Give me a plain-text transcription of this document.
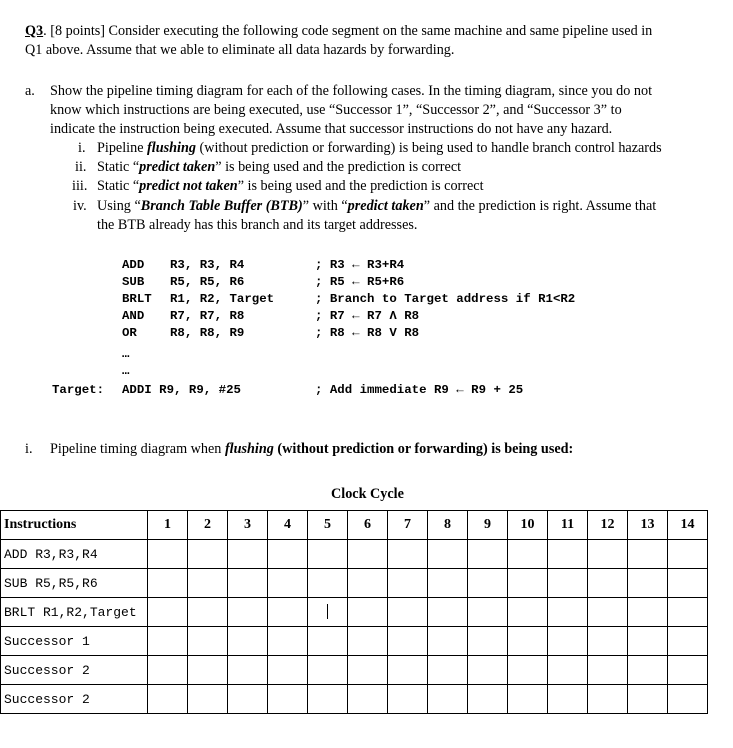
Q3. [8 points] Consider executing the following code segment on the same machine and same pipeline used in
Q1 above. Assume that we able to eliminate all data hazards by forwarding.
a. Show the pipeline timing diagram for each of the following cases. In the timing diagram, since you do not
know which instructions are being executed, use “Successor 1”, “Successor 2”, and “Successor 3” to
indicate the instruction being executed. Assume that successor instructions do not have any hazard.
i. Pipeline flushing (without prediction or forwarding) is being used to handle branch control hazards
ii. Static “predict taken” is being used and the prediction is correct
iii. Static “predict not taken” is being used and the prediction is correct
iv. Using “Branch Table Buffer (BTB)” with “predict taken” and the prediction is right. Assume that
the BTB already has this branch and its target addresses.
ADD R3, R3, R4	; R3 ← R3+R4
SUB R5, R5, R6	; R5 ← R5+R6
BRLT R1, R2, Target	; Branch to Target address if R1<R2
AND R7, R7, R8	; R7 ← R7 Λ R8
OR	R8, R8, R9	; R8 ← R8 V R8
…
…
Target: ADDI R9, R9, #25	; Add immediate R9 ← R9 + 25
i. Pipeline timing diagram when flushing (without prediction or forwarding) is being used:
Clock Cycle
Instructions	1	2	3	4	5	6	7	8	9	10	11	12	13	14
ADD R3,R3,R4														
SUB R5,R5,R6														
BRLT R1,R2,Target														
Successor 1														
Successor 2														
Successor 2														
